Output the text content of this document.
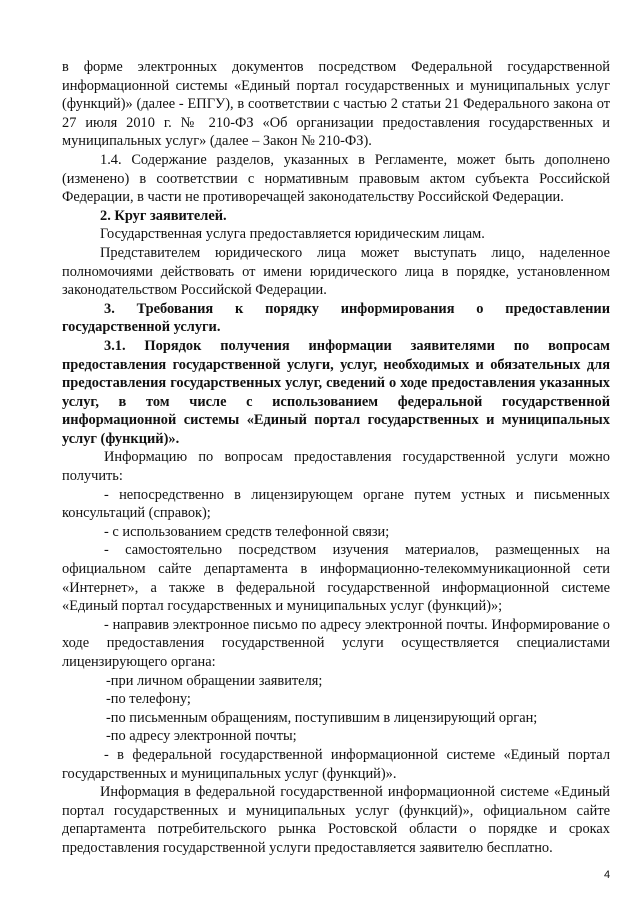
в форме электронных документов посредством Федеральной государственной информационной системы «Единый портал государственных и муниципальных услуг (функций)» (далее - ЕПГУ), в соответствии с частью 2 статьи 21 Федерального закона от 27 июля 2010 г. № 210-ФЗ «Об организации предоставления государственных и муниципальных услуг» (далее – Закон № 210-ФЗ).

1.4. Содержание разделов, указанных в Регламенте, может быть дополнено (изменено) в соответствии с нормативным правовым актом субъекта Российской Федерации, в части не противоречащей законодательству Российской Федерации.

2. Круг заявителей.

Государственная услуга предоставляется юридическим лицам.

Представителем юридического лица может выступать лицо, наделенное полномочиями действовать от имени юридического лица в порядке, установленном законодательством Российской Федерации.

3. Требования к порядку информирования о предоставлении государственной услуги.

3.1. Порядок получения информации заявителями по вопросам предоставления государственной услуги, услуг, необходимых и обязательных для предоставления государственных услуг, сведений о ходе предоставления указанных услуг, в том числе с использованием федеральной государственной информационной системы «Единый портал государственных и муниципальных услуг (функций)».

Информацию по вопросам предоставления государственной услуги можно получить:

- непосредственно в лицензирующем органе путем устных и письменных консультаций (справок);

- с использованием средств телефонной связи;

- самостоятельно посредством изучения материалов, размещенных на официальном сайте департамента в информационно-телекоммуникационной сети «Интернет», а также в федеральной государственной информационной системе «Единый портал государственных и муниципальных услуг (функций)»;

- направив электронное письмо по адресу электронной почты. Информирование о ходе предоставления государственной услуги осуществляется специалистами лицензирующего органа:

-при личном обращении заявителя;

-по телефону;

-по письменным обращениям, поступившим в лицензирующий орган;

-по адресу электронной почты;

- в федеральной государственной информационной системе «Единый портал государственных и муниципальных услуг (функций)».

Информация в федеральной государственной информационной системе «Единый портал государственных и муниципальных услуг (функций)», официальном сайте департамента потребительского рынка Ростовской области о порядке и сроках предоставления государственной услуги предоставляется заявителю бесплатно.

4
